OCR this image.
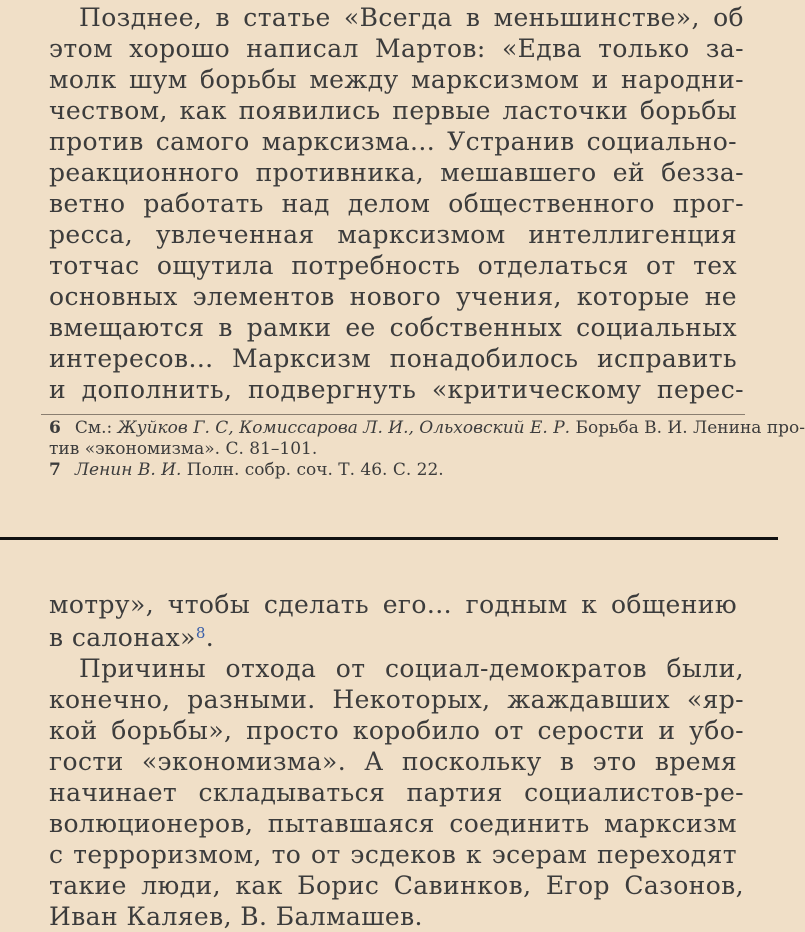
Позднее, в статье «Всегда в меньшинстве», об
этом хорошо написал Мартов: «Едва только за-
молк шум борьбы между марксизмом и народни-
чеством, как появились первые ласточки борьбы
против самого марксизма... Устранив социально-
реакционного противника, мешавшего ей безза-
ветно работать над делом общественного прог-
ресса, увлеченная марксизмом интеллигенция
тотчас ощутила потребность отделаться от тех
основных элементов нового учения, которые не
вмещаются в рамки ее собственных социальных
интересов... Марксизм понадобилось исправить
и дополнить, подвергнуть «критическому перес-
6 См.: Жуйков Г. С, Комиссарова Л. И., Ольховский Е. Р. Борьба В. И. Ленина про-
тив «экономизма». С. 81–101.
7 Ленин В. И. Полн. собр. соч. Т. 46. С. 22.
мотру», чтобы сделать его... годным к общению
в салонах»$^8$.
Причины отхода от социал-демократов были,
конечно, разными. Некоторых, жаждавших «яр-
кой борьбы», просто коробило от серости и убо-
гости «экономизма». А поскольку в это время
начинает складываться партия социалистов-ре-
волюционеров, пытавшаяся соединить марксизм
с терроризмом, то от эсдеков к эсерам переходят
такие люди, как Борис Савинков, Егор Сазонов,
Иван Каляев, В. Балмашев.
